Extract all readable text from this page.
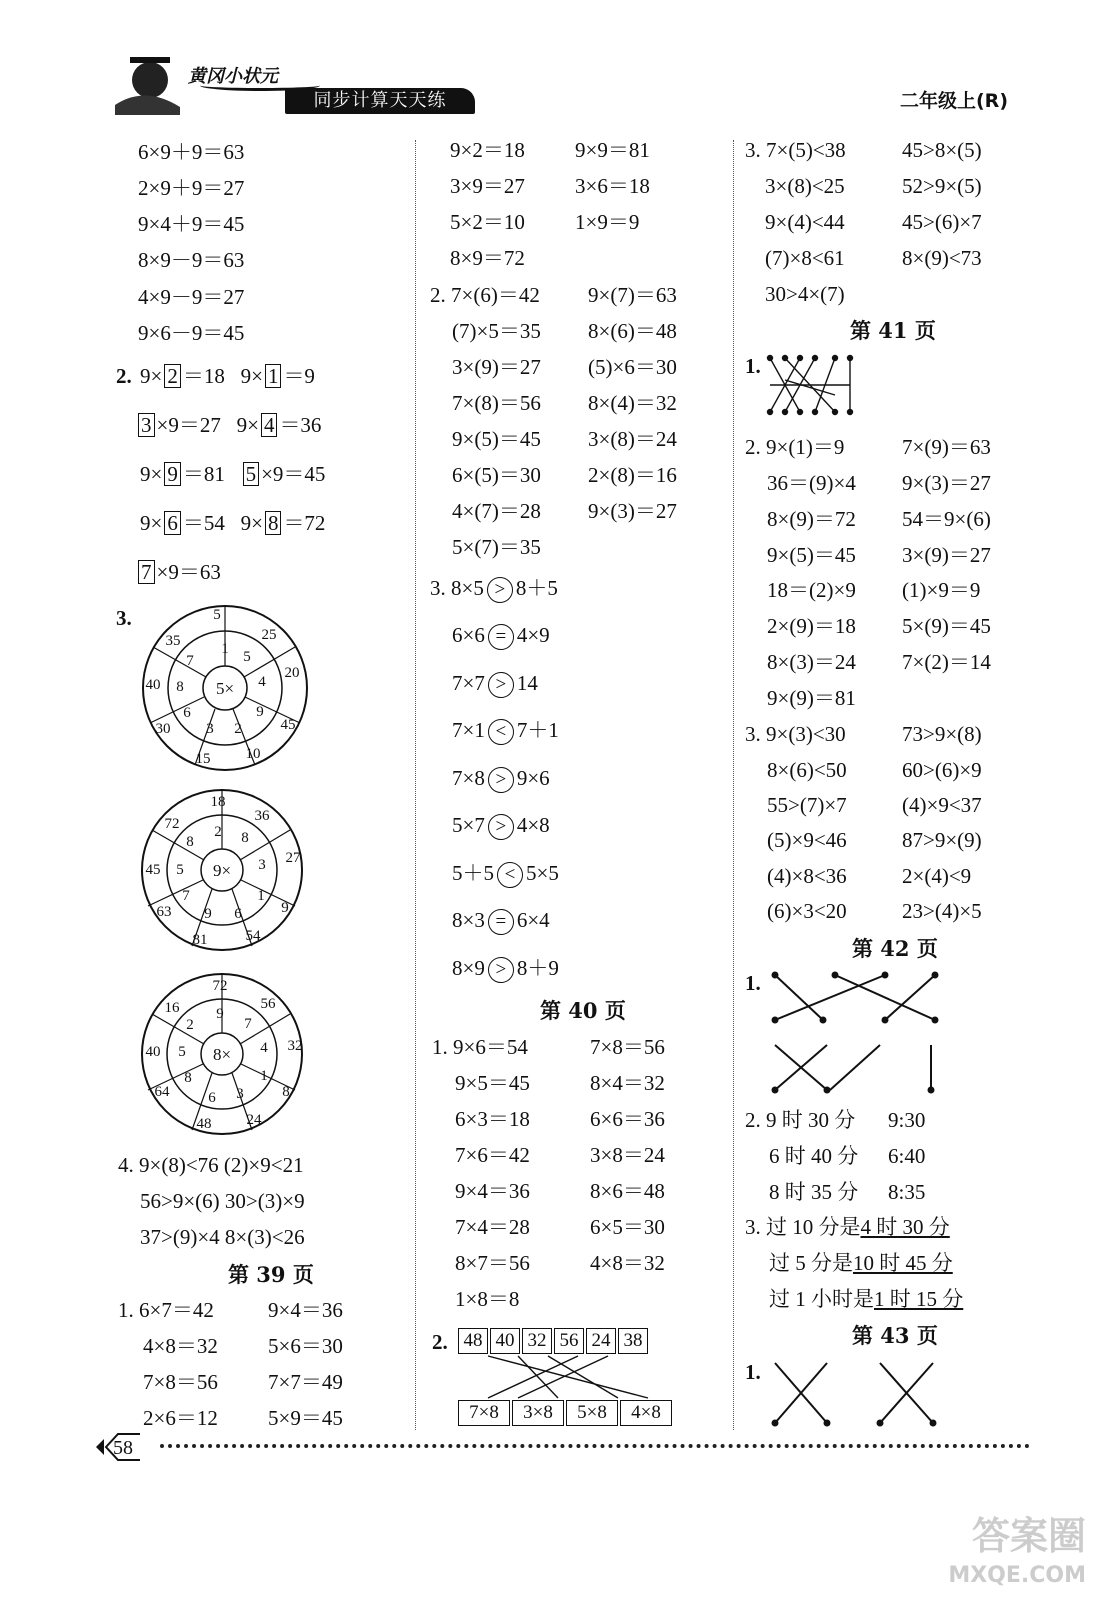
黄冈小状元
同步计算天天练	二年级上(R)
6×9＋9＝63
2×9＋9＝27
9×4＋9＝45
8×9－9＝63
4×9－9＝27
9×6－9＝45
2. 9× 2 ＝18   9× 1 ＝9
3 ×9＝27   9× 4 ＝36
9× 9 ＝81   5 ×9＝45
9× 6 ＝54   9× 8 ＝72
7 ×9＝63
3.
5×
1 5
4
9
2
3
6
8
7
5
25
20
45
10
15
30
40
35
9×
2 8
3
1
6
9
7
5
8
18
36
27
9
54
81
63
45
72
8×
9
7
4
1
3
6
8
5
2
72
56
32
8
24
48
64
40
16
4. 9×(8)<76 (2)×9<21
56>9×(6) 30>(3)×9
37>(9)×4 8×(3)<26
第 39 页
1. 6×7＝42	9×4＝36
4×8＝32 5×6＝30
7×8＝56 7×7＝49
2×6＝12 5×9＝45
9×2＝18 9×9＝81
3×9＝27 3×6＝18
5×2＝10 1×9＝9
8×9＝72
2. 7×(6)＝42 9×(7)＝63
(7)×5＝35 8×(6)＝48
3×(9)＝27 (5)×6＝30
7×(8)＝56 8×(4)＝32
9×(5)＝45 3×(8)＝24
6×(5)＝30 2×(8)＝16
4×(7)＝28 9×(3)＝27
5×(7)＝35
3. 8×5 > 8＋5
6×6 = 4×9
7×7 > 14
7×1 < 7＋1
7×8 > 9×6
5×7 > 4×8
5＋5 < 5×5
8×3 = 6×4
8×9 > 8＋9
第 40 页
1. 9×6＝54	7×8＝56
9×5＝45	8×4＝32
6×3＝18	6×6＝36
7×6＝42	3×8＝24
9×4＝36	8×6＝48
7×4＝28	6×5＝30
8×7＝56	4×8＝32
1×8＝8
2. 48 40 32 56 24 38
7×8 3×8 5×8 4×8
3. 7×(5)<38	45>8×(5)
3×(8)<25	52>9×(5)
9×(4)<44	45>(6)×7
(7)×8<61	8×(9)<73
30>4×(7)
第 41 页
1.
2. 9×(1)＝9	7×(9)＝63
36＝(9)×4 9×(3)＝27
8×(9)＝72 54＝9×(6)
9×(5)＝45 3×(9)＝27
18＝(2)×9 (1)×9＝9
2×(9)＝18 5×(9)＝45
8×(3)＝24 7×(2)＝14
9×(9)＝81
3. 9×(3)<30	73>9×(8)
8×(6)<50	60>(6)×9
55>(7)×7	(4)×9<37
(5)×9<46	87>9×(9)
(4)×8<36	2×(4)<9
(6)×3<20	23>(4)×5
第 42 页
1.
2. 9 时 30 分 9:30
6 时 40 分 6:40
8 时 35 分 8:35
3. 过 10 分是4 时 30 分
过 5 分是10 时 45 分
过 1 小时是1 时 15 分
第 43 页
1.
58
答案圈
MXQE.COM
